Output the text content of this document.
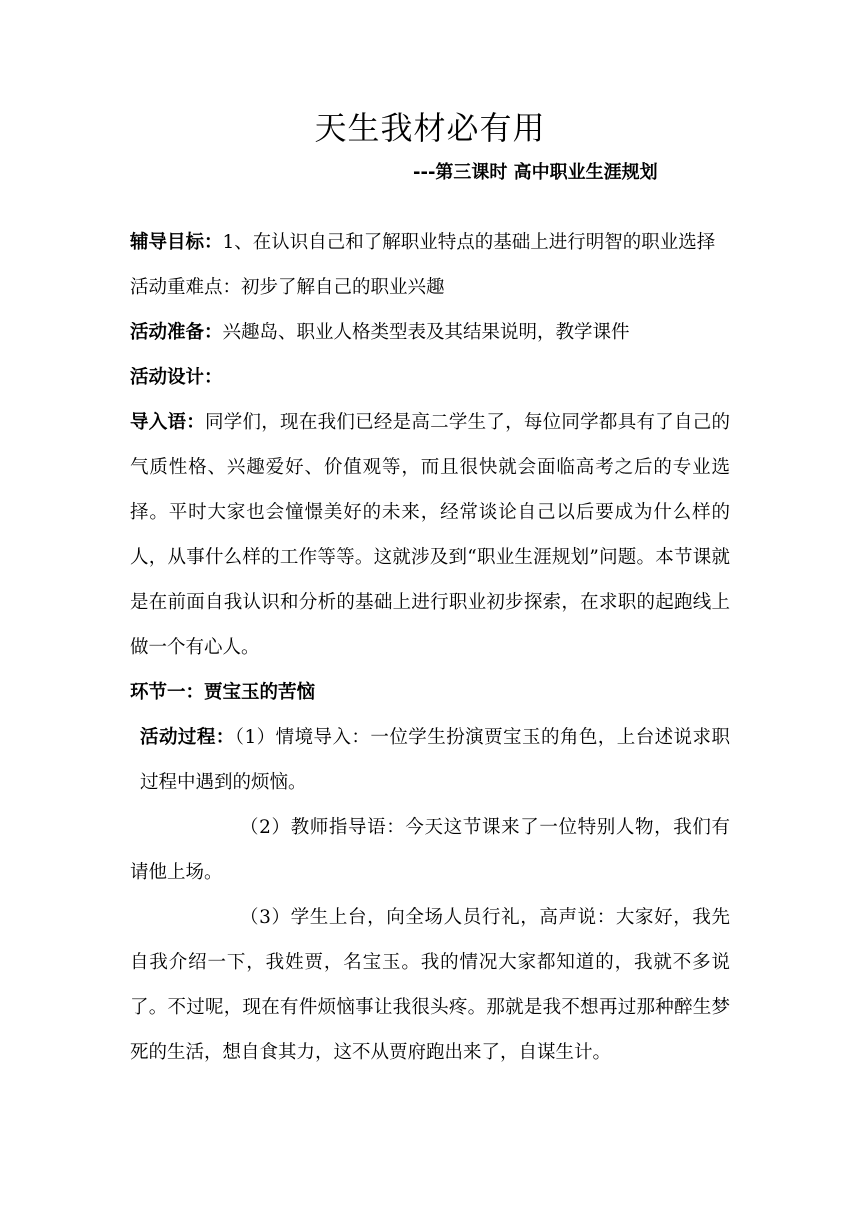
天生我材必有用
---第三课时 高中职业生涯规划

辅导目标：1、在认识自己和了解职业特点的基础上进行明智的职业选择

活动重难点：初步了解自己的职业兴趣

活动准备：兴趣岛、职业人格类型表及其结果说明，教学课件

活动设计：

导入语：同学们，现在我们已经是高二学生了，每位同学都具有了自己的气质性格、兴趣爱好、价值观等，而且很快就会面临高考之后的专业选择。平时大家也会憧憬美好的未来，经常谈论自己以后要成为什么样的人，从事什么样的工作等等。这就涉及到“职业生涯规划”问题。本节课就是在前面自我认识和分析的基础上进行职业初步探索，在求职的起跑线上做一个有心人。

环节一：贾宝玉的苦恼

活动过程：（1）情境导入：一位学生扮演贾宝玉的角色，上台述说求职过程中遇到的烦恼。

（2）教师指导语：今天这节课来了一位特别人物，我们有请他上场。

（3）学生上台，向全场人员行礼，高声说：大家好，我先自我介绍一下，我姓贾，名宝玉。我的情况大家都知道的，我就不多说了。不过呢，现在有件烦恼事让我很头疼。那就是我不想再过那种醉生梦死的生活，想自食其力，这不从贾府跑出来了，自谋生计。
